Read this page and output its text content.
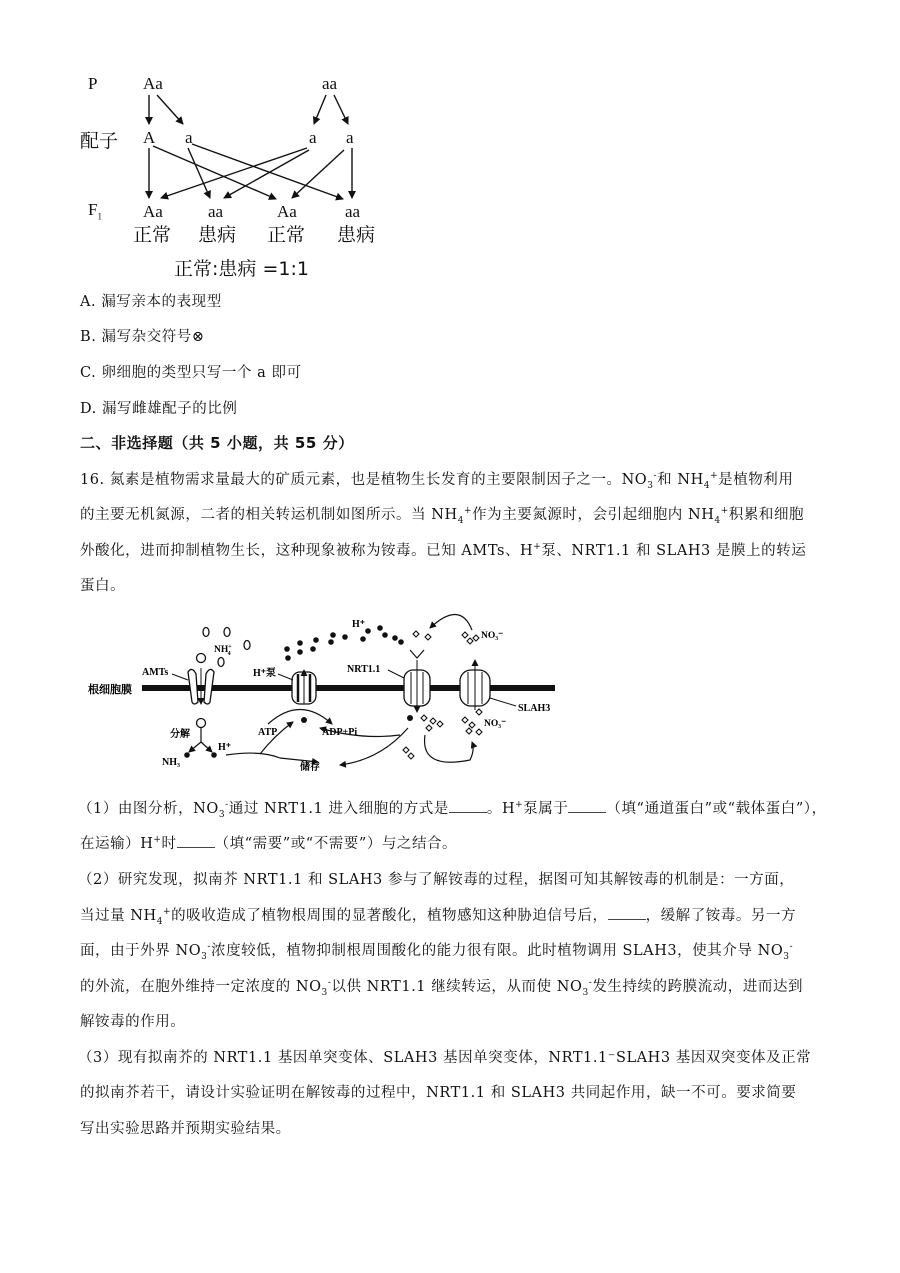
P
配子
$F_1$
Aa	aa
A a	a a
Aa	aa	Aa	aa
正常 患病 正常 患病
正常:患病 =1:1
A. 漏写亲本的表现型
B. 漏写杂交符号⊗
C. 卵细胞的类型只写一个 a 即可
D. 漏写雌雄配子的比例
二、非选择题（共 5 小题，共 55 分）
16. 氮素是植物需求量最大的矿质元素，也是植物生长发育的主要限制因子之一。$NO_3^-$和 $NH_4^+$是植物利用
的主要无机氮源，二者的相关转运机制如图所示。当 $NH_4^+$作为主要氮源时，会引起细胞内 $NH_4^+$积累和细胞
外酸化，进而抑制植物生长，这种现象被称为铵毒。已知 AMTs、H+泵、NRT1.1 和 SLAH3 是膜上的转运
蛋白。
根细胞膜
AMTs
NH+ 4
分解
NH₃
H⁺
H⁺泵
ATP	ADP+Pi
储存
H⁺
NRT1.1
SLAH3
NO₃⁻
NO₃⁻
（1）由图分析，$NO_3^-$通过 NRT1.1 进入细胞的方式是	。H+泵属于	（填“通道蛋白”或“载体蛋白”），
在运输）H+时	（填“需要”或“不需要”）与之结合。
（2）研究发现，拟南芥 NRT1.1 和 SLAH3 参与了解铵毒的过程，据图可知其解铵毒的机制是：一方面，
当过量 $NH_4^+$的吸收造成了植物根周围的显著酸化，植物感知这种胁迫信号后，	，缓解了铵毒。另一方
面，由于外界 $NO_3^-$浓度较低，植物抑制根周围酸化的能力很有限。此时植物调用 SLAH3，使其介导 $NO_3^-$
的外流，在胞外维持一定浓度的 $NO_3^-$以供 NRT1.1 继续转运，从而使 $NO_3^-$发生持续的跨膜流动，进而达到
解铵毒的作用。
（3）现有拟南芥的 NRT1.1 基因单突变体、SLAH3 基因单突变体，NRT1.1⁻SLAH3 基因双突变体及正常
的拟南芥若干，请设计实验证明在解铵毒的过程中，NRT1.1 和 SLAH3 共同起作用，缺一不可。要求简要
写出实验思路并预期实验结果。
